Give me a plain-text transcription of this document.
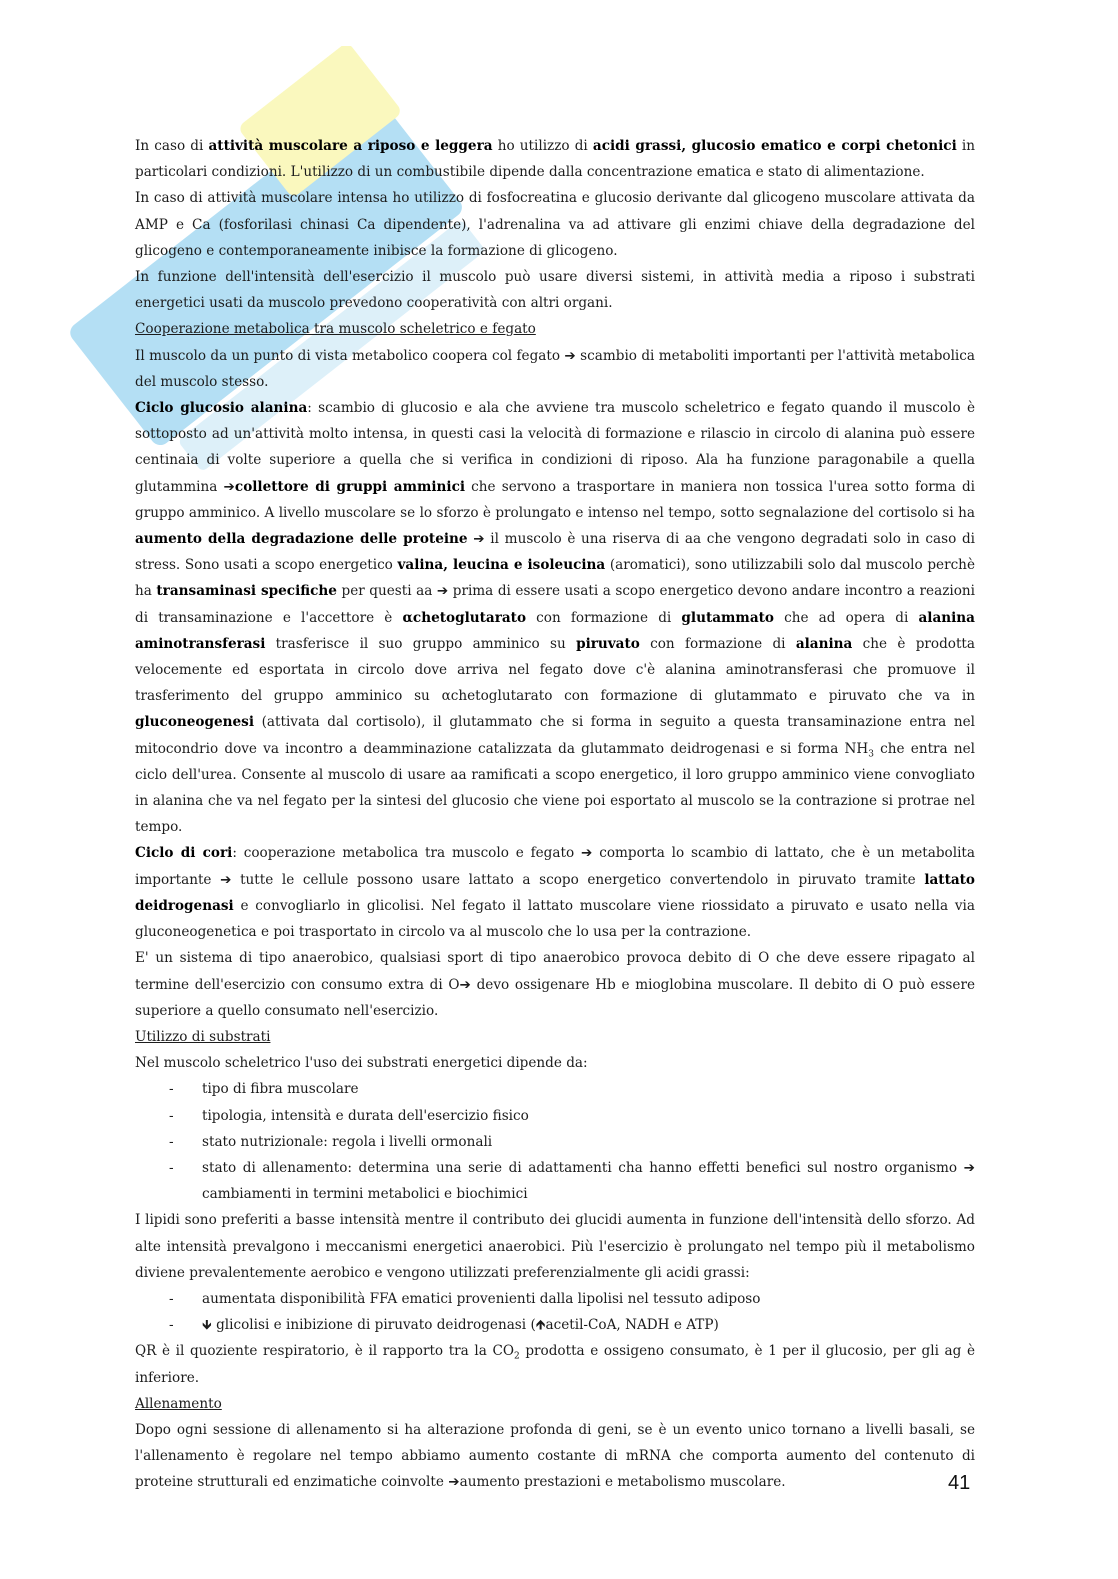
In caso di attività muscolare a riposo e leggera ho utilizzo di acidi grassi, glucosio ematico e corpi chetonici in particolari condizioni. L'utilizzo di un combustibile dipende dalla concentrazione ematica e stato di alimentazione.

In caso di attività muscolare intensa ho utilizzo di fosfocreatina e glucosio derivante dal glicogeno muscolare attivata da AMP e Ca (fosforilasi chinasi Ca dipendente), l'adrenalina va ad attivare gli enzimi chiave della degradazione del glicogeno e contemporaneamente inibisce la formazione di glicogeno.

In funzione dell'intensità dell'esercizio il muscolo può usare diversi sistemi, in attività media a riposo i substrati energetici usati da muscolo prevedono cooperatività con altri organi.

Cooperazione metabolica tra muscolo scheletrico e fegato

Il muscolo da un punto di vista metabolico coopera col fegato ➔ scambio di metaboliti importanti per l'attività metabolica del muscolo stesso.

Ciclo glucosio alanina: scambio di glucosio e ala che avviene tra muscolo scheletrico e fegato quando il muscolo è sottoposto ad un'attività molto intensa, in questi casi la velocità di formazione e rilascio in circolo di alanina può essere centinaia di volte superiore a quella che si verifica in condizioni di riposo. Ala ha funzione paragonabile a quella glutammina ➔collettore di gruppi amminici che servono a trasportare in maniera non tossica l'urea sotto forma di gruppo amminico. A livello muscolare se lo sforzo è prolungato e intenso nel tempo, sotto segnalazione del cortisolo si ha aumento della degradazione delle proteine ➔ il muscolo è una riserva di aa che vengono degradati solo in caso di stress. Sono usati a scopo energetico valina, leucina e isoleucina (aromatici), sono utilizzabili solo dal muscolo perchè ha transaminasi specifiche per questi aa ➔ prima di essere usati a scopo energetico devono andare incontro a reazioni di transaminazione e l'accettore è αchetoglutarato con formazione di glutammato che ad opera di alanina aminotransferasi trasferisce il suo gruppo amminico su piruvato con formazione di alanina che è prodotta velocemente ed esportata in circolo dove arriva nel fegato dove c'è alanina aminotransferasi che promuove il trasferimento del gruppo amminico su αchetoglutarato con formazione di glutammato e piruvato che va in gluconeogenesi (attivata dal cortisolo), il glutammato che si forma in seguito a questa transaminazione entra nel mitocondrio dove va incontro a deamminazione catalizzata da glutammato deidrogenasi e si forma $NH_3$ che entra nel ciclo dell'urea. Consente al muscolo di usare aa ramificati a scopo energetico, il loro gruppo amminico viene convogliato in alanina che va nel fegato per la sintesi del glucosio che viene poi esportato al muscolo se la contrazione si protrae nel tempo.

Ciclo di cori: cooperazione metabolica tra muscolo e fegato ➔ comporta lo scambio di lattato, che è un metabolita importante ➔ tutte le cellule possono usare lattato a scopo energetico convertendolo in piruvato tramite lattato deidrogenasi e convogliarlo in glicolisi. Nel fegato il lattato muscolare viene riossidato a piruvato e usato nella via gluconeogenetica e poi trasportato in circolo va al muscolo che lo usa per la contrazione.

E' un sistema di tipo anaerobico, qualsiasi sport di tipo anaerobico provoca debito di O che deve essere ripagato al termine dell'esercizio con consumo extra di O➔ devo ossigenare Hb e mioglobina muscolare. Il debito di O può essere superiore a quello consumato nell'esercizio.

Utilizzo di substrati

Nel muscolo scheletrico l'uso dei substrati energetici dipende da:

- tipo di fibra muscolare
- tipologia, intensità e durata dell'esercizio fisico
- stato nutrizionale: regola i livelli ormonali
- stato di allenamento: determina una serie di adattamenti cha hanno effetti benefici sul nostro organismo ➔ cambiamenti in termini metabolici e biochimici

I lipidi sono preferiti a basse intensità mentre il contributo dei glucidi aumenta in funzione dell'intensità dello sforzo. Ad alte intensità prevalgono i meccanismi energetici anaerobici. Più l'esercizio è prolungato nel tempo più il metabolismo diviene prevalentemente aerobico e vengono utilizzati preferenzialmente gli acidi grassi:

- aumentata disponibilità FFA ematici provenienti dalla lipolisi nel tessuto adiposo
- 🡻 glicolisi e inibizione di piruvato deidrogenasi (🡹acetil-CoA, NADH e ATP)

QR è il quoziente respiratorio, è il rapporto tra la $CO_2$ prodotta e ossigeno consumato, è 1 per il glucosio, per gli ag è inferiore.

Allenamento

Dopo ogni sessione di allenamento si ha alterazione profonda di geni, se è un evento unico tornano a livelli basali, se l'allenamento è regolare nel tempo abbiamo aumento costante di mRNA che comporta aumento del contenuto di proteine strutturali ed enzimatiche coinvolte ➔aumento prestazioni e metabolismo muscolare.	41
